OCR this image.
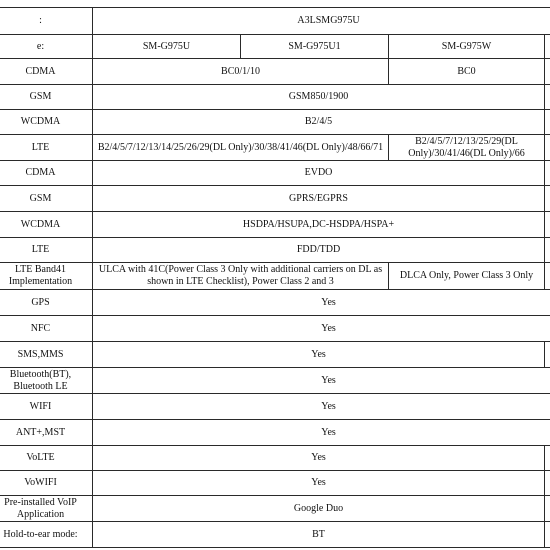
:	A3LSMG975U			
e:	SM-G975U	SM-G975U1	SM-G975W	
CDMA	BC0/1/10		BC0	
GSM	GSM850/1900			
WCDMA	B2/4/5			
LTE	B2/4/5/7/12/13/14/25/26/29(DL Only)/30/38/41/46(DL Only)/48/66/71		B2/4/5/7/12/13/25/29(DL Only)/30/41/46(DL Only)/66	
CDMA	EVDO			
GSM	GPRS/EGPRS			
WCDMA	HSDPA/HSUPA,DC-HSDPA/HSPA+			
LTE	FDD/TDD			
LTE Band41 Implementation	ULCA with 41C(Power Class 3 Only with additional carriers on DL as shown in LTE Checklist), Power Class 2 and 3		DLCA Only, Power Class 3 Only	
GPS	Yes			
NFC	Yes			
SMS,MMS	Yes			
Bluetooth(BT), Bluetooth LE	Yes			
WIFI	Yes			
ANT+,MST	Yes			
VoLTE	Yes			
VoWIFI	Yes			
Pre-installed VoIP Application	Google Duo			
Hold-to-ear mode:	BT			
